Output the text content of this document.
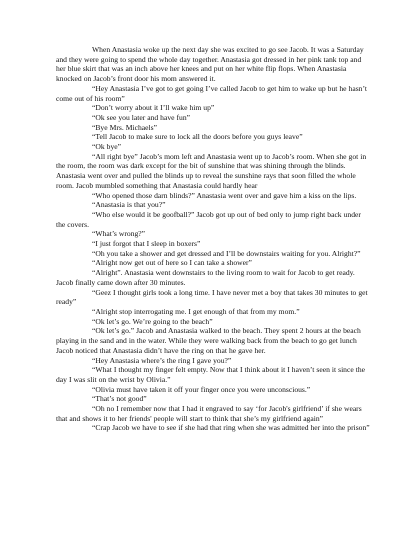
When Anastasia woke up the next day she was excited to go see Jacob. It was a Saturday and they were going to spend the whole day together. Anastasia got dressed in her pink tank top and her blue skirt that was an inch above her knees and put on her white flip flops. When Anastasia knocked on Jacob’s front door his mom answered it.

“Hey Anastasia I’ve got to get going I’ve called Jacob to get him to wake up but he hasn’t come out of his room”

“Don’t worry about it I’ll wake him up”

“Ok see you later and have fun”

“Bye Mrs. Michaels”

“Tell Jacob to make sure to lock all the doors before you guys leave”

“Ok bye”

“All right bye” Jacob’s mom left and Anastasia went up to Jacob’s room. When she got in the room, the room was dark except for the bit of sunshine that was shining through the blinds. Anastasia went over and pulled the blinds up to reveal the sunshine rays that soon filled the whole room. Jacob mumbled something that Anastasia could hardly hear

“Who opened those darn blinds?” Anastasia went over and gave him a kiss on the lips.

“Anastasia is that you?”

“Who else would it be goofball?” Jacob got up out of bed only to jump right back under the covers.

“What’s wrong?”

“I just forgot that I sleep in boxers”

“Oh you take a shower and get dressed and I’ll be downstairs waiting for you. Alright?”

“Alright now get out of here so I can take a shower”

“Alright”. Anastasia went downstairs to the living room to wait for Jacob to get ready. Jacob finally came down after 30 minutes.

“Geez I thought girls took a long time. I have never met a boy that takes 30 minutes to get ready”

“Alright stop interrogating me. I get enough of that from my mom.”

“Ok let’s go. We’re going to the beach”

“Ok let’s go.” Jacob and Anastasia walked to the beach. They spent 2 hours at the beach playing in the sand and in the water. While they were walking back from the beach to go get lunch Jacob noticed that Anastasia didn’t have the ring on that he gave her.

“Hey Anastasia where’s the ring I gave you?”

“What I thought my finger felt empty. Now that I think about it I haven’t seen it since the day I was slit on the wrist by Olivia.”

“Olivia must have taken it off your finger once you were unconscious.”

“That’s not good”

“Oh no I remember now that I had it engraved to say ‘for Jacob's girlfriend’ if she wears that and shows it to her friends' people will start to think that she’s my girlfriend again”

“Crap Jacob we have to see if she had that ring when she was admitted her into the prison”
